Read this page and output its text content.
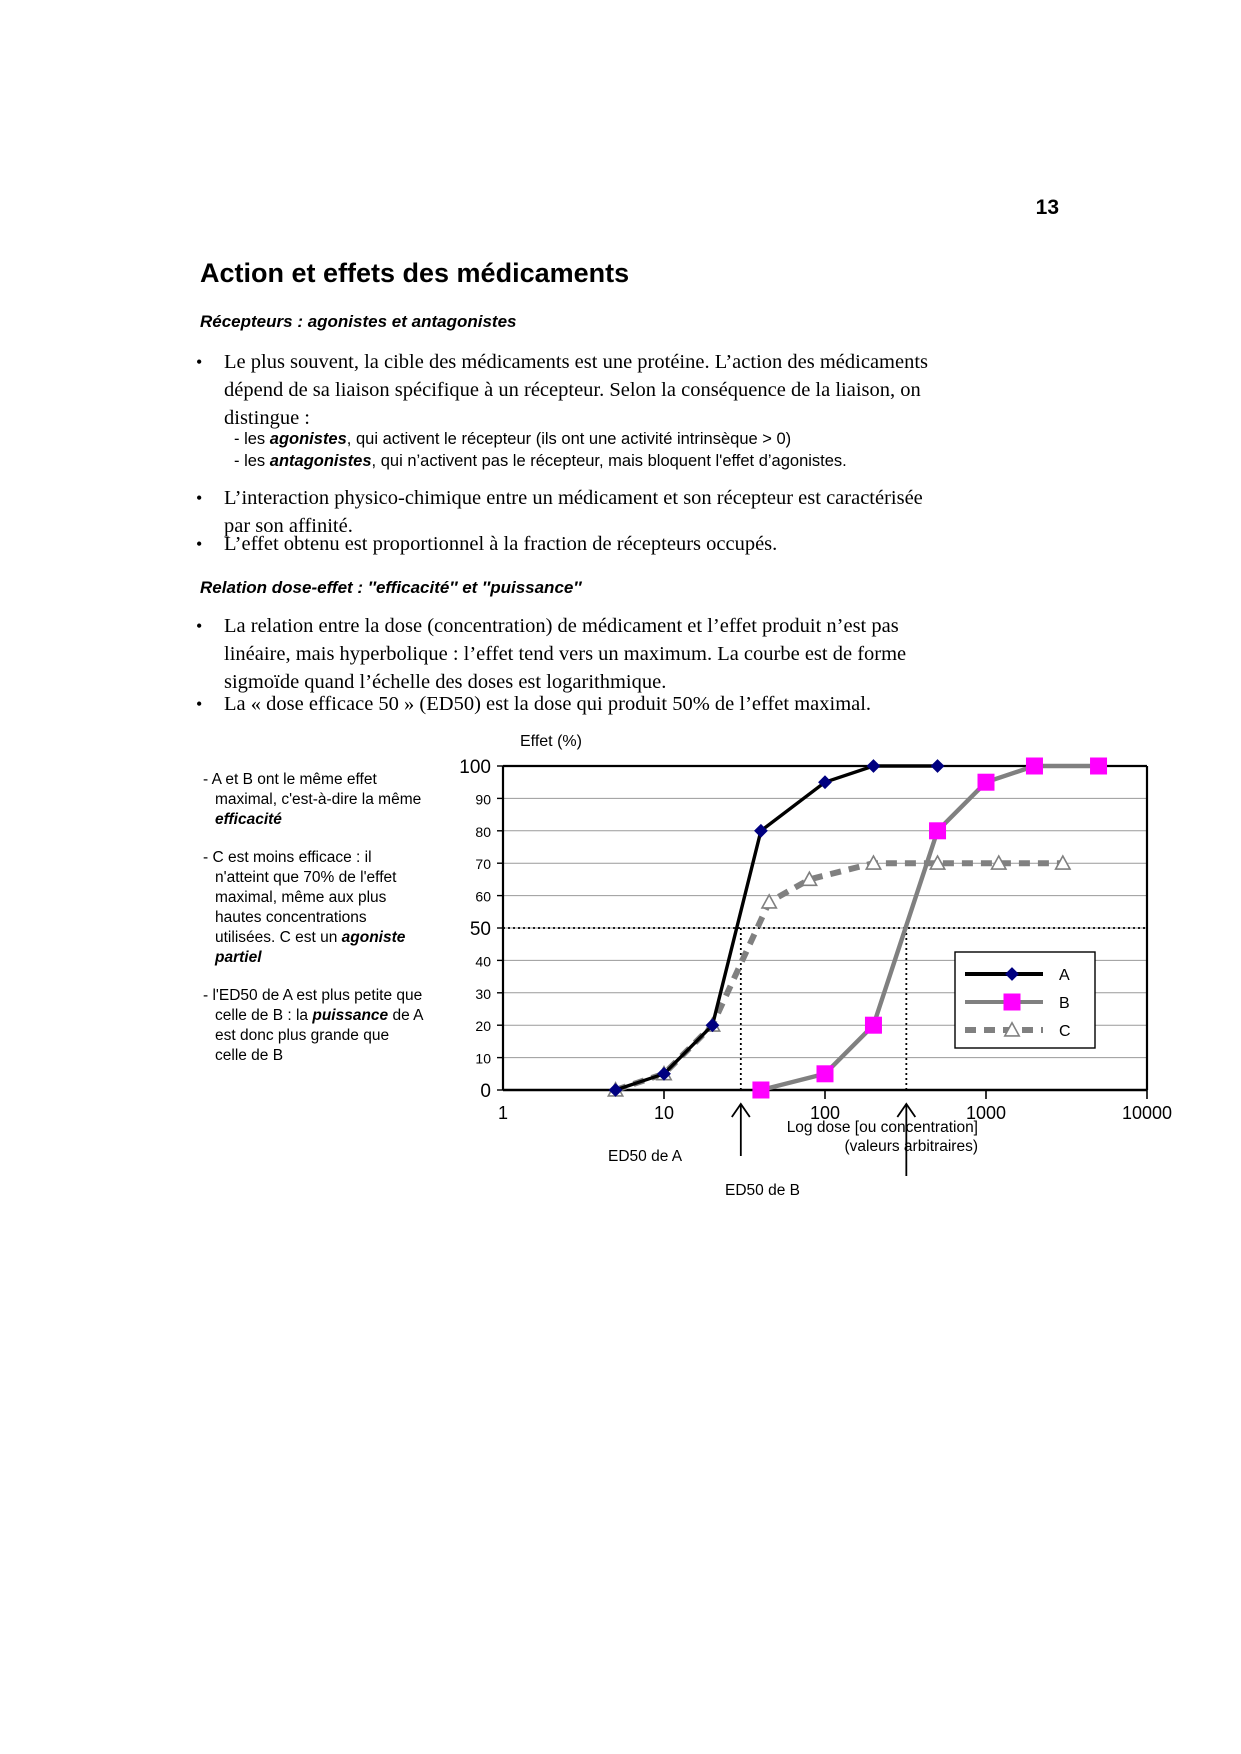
13
Action et effets des médicaments
Récepteurs : agonistes et antagonistes
•	Le plus souvent, la cible des médicaments est une protéine. L’action des médicaments dépend de sa liaison spécifique à un récepteur. Selon la conséquence de la liaison, on distingue :
- les agonistes, qui activent le récepteur (ils ont une activité intrinsèque > 0)
- les antagonistes, qui n’activent pas le récepteur, mais bloquent l'effet d’agonistes.
•	L’interaction physico-chimique entre un médicament et son récepteur est caractérisée par son affinité.
•	L’effet obtenu est proportionnel à la fraction de récepteurs occupés.
Relation dose-effet : ″efficacité″ et ″puissance″
•	La relation entre la dose (concentration) de médicament et l’effet produit n’est pas linéaire, mais hyperbolique : l’effet tend vers un maximum. La courbe est de forme sigmoïde quand l’échelle des doses est logarithmique.
•	La « dose efficace 50 » (ED50) est la dose qui produit 50% de l’effet maximal.
- A et B ont le même effet maximal, c'est-à-dire la même efficacité
- C est moins efficace : il n'atteint que 70% de l'effet maximal, même aux plus hautes concentrations utilisées. C est un agoniste partiel
- l'ED50 de A est plus petite que celle de B : la puissance de A est donc plus grande que celle de B
Effet (%)
0
10
20
30
40
50
60
70
80
90
100
1	10	100	1000	10000
A
B
C
Log dose [ou concentration]
(valeurs arbitraires)
ED50 de A
ED50 de B
